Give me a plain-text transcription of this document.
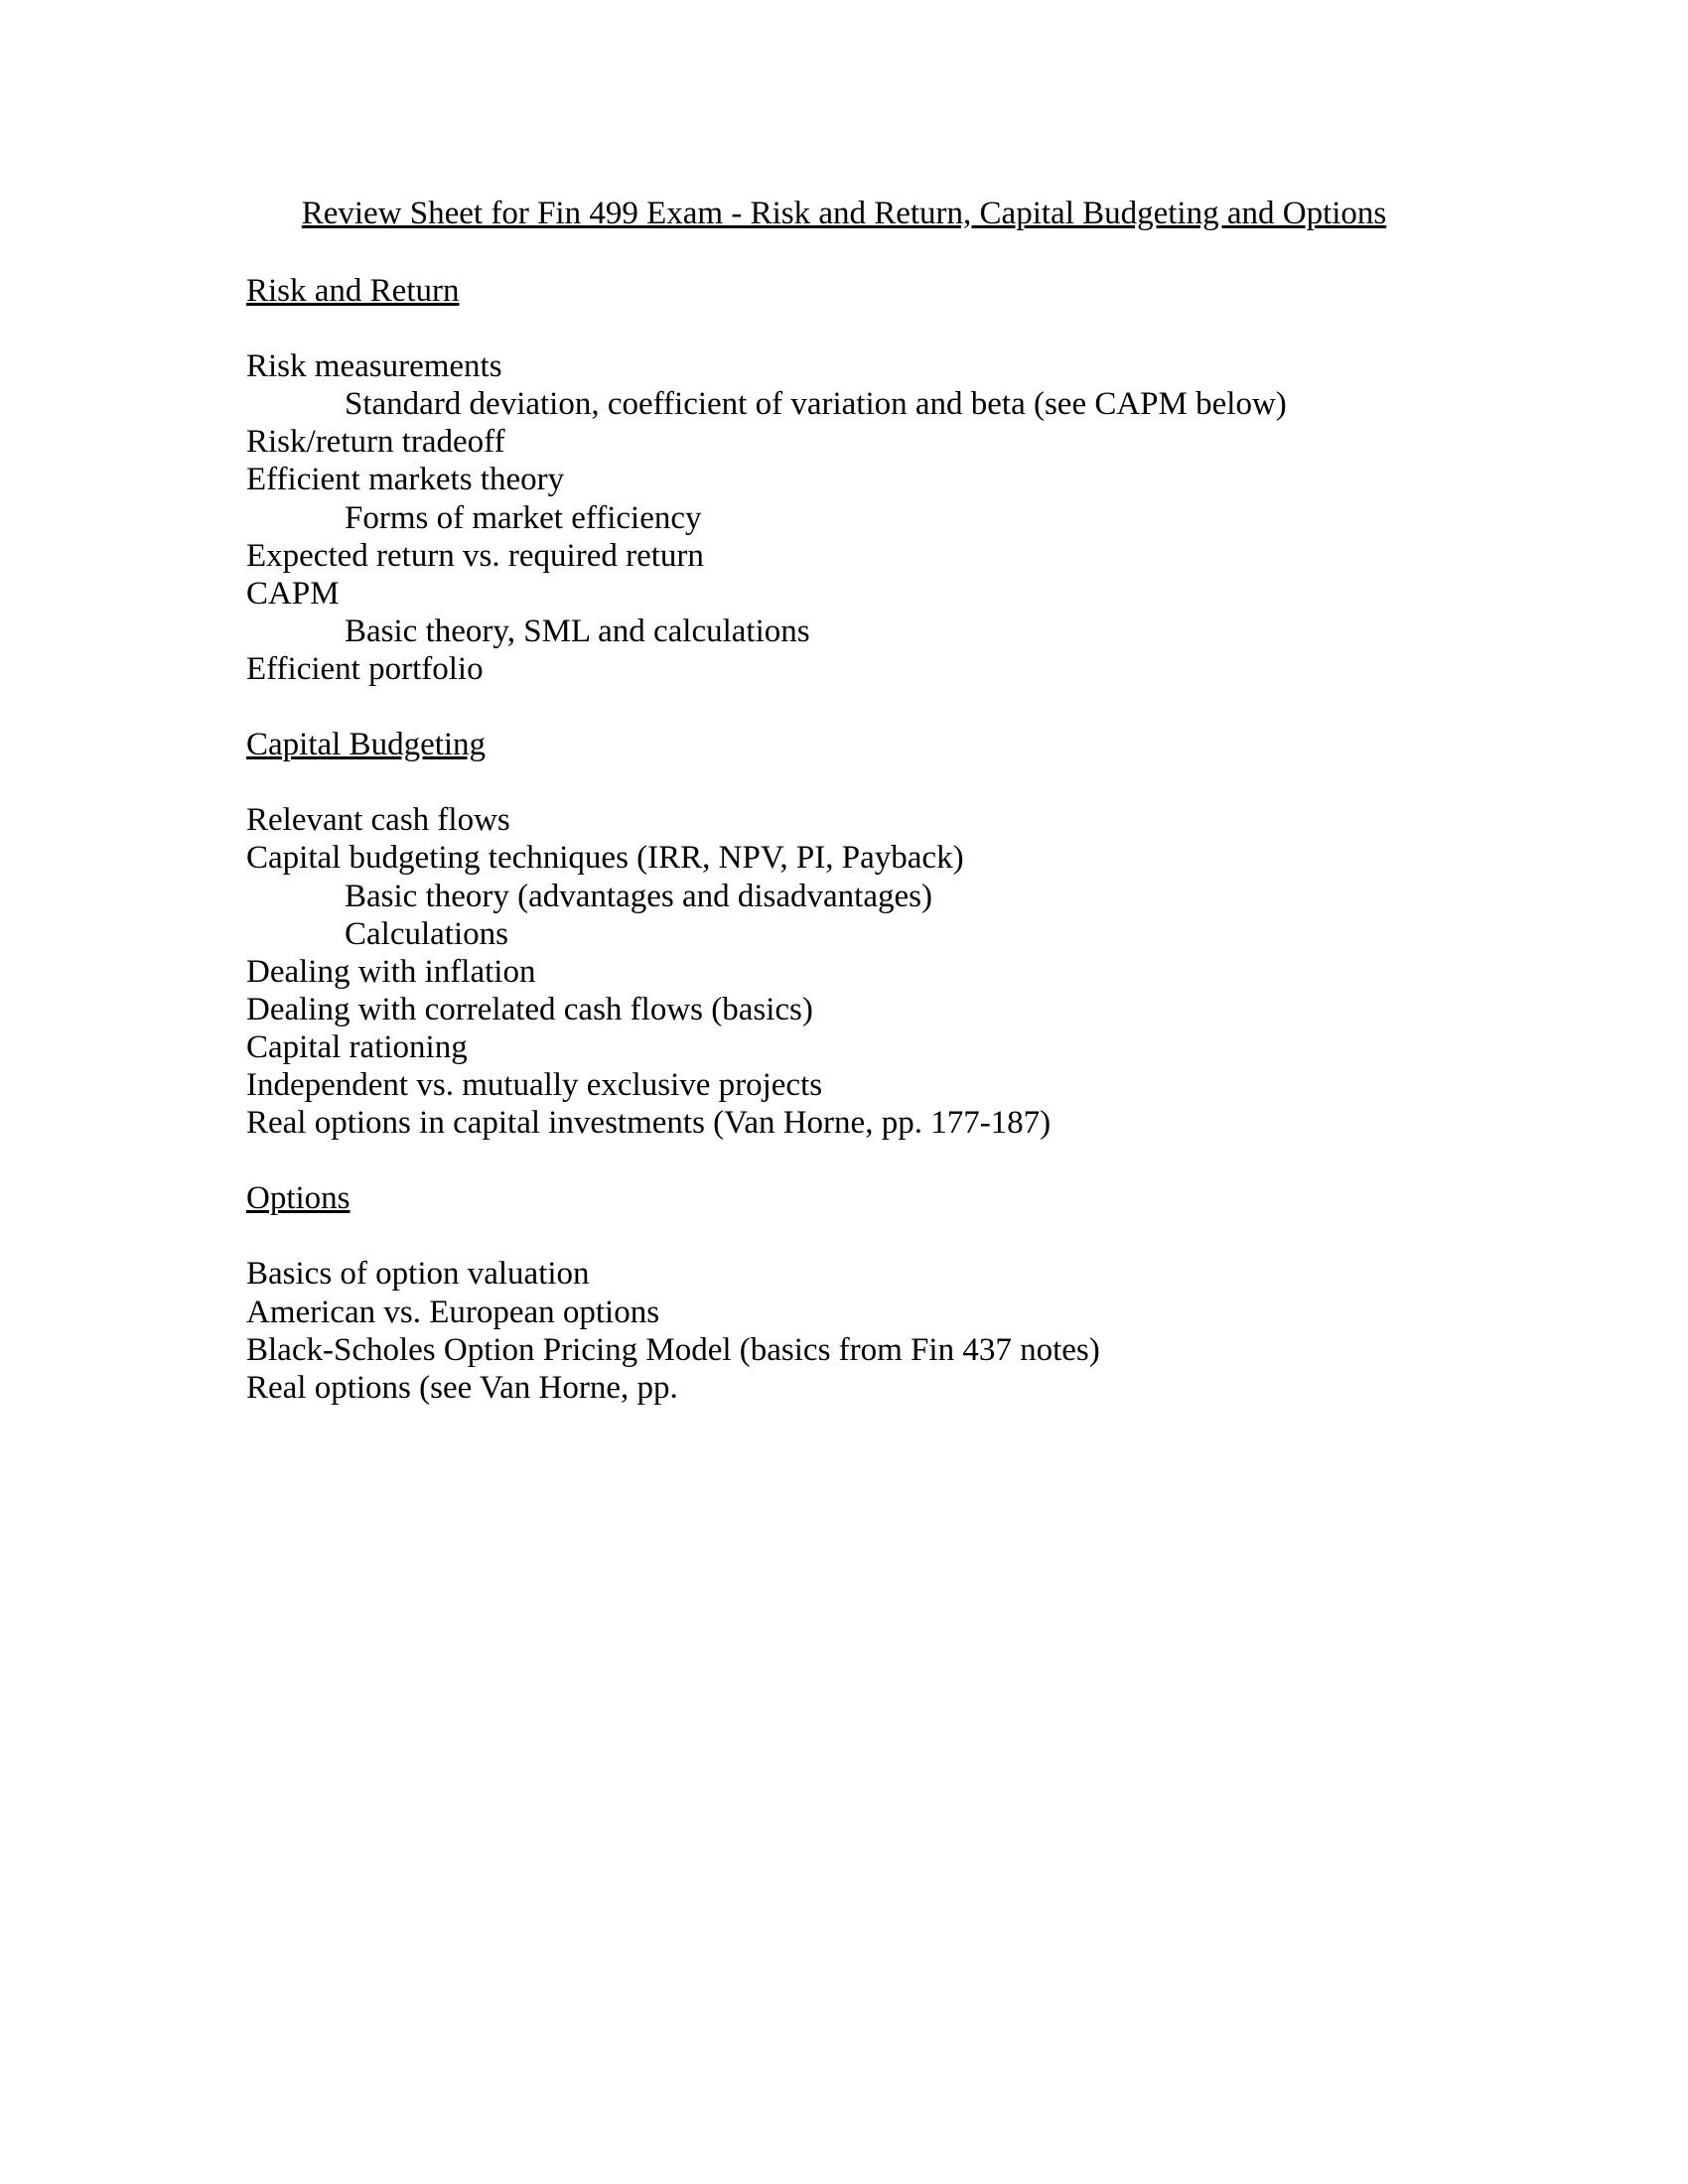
Review Sheet for Fin 499 Exam - Risk and Return, Capital Budgeting and Options
Risk and Return
Risk measurements
Standard deviation, coefficient of variation and beta (see CAPM below)
Risk/return tradeoff
Efficient markets theory
Forms of market efficiency
Expected return vs. required return
CAPM
Basic theory, SML and calculations
Efficient portfolio
Capital Budgeting
Relevant cash flows
Capital budgeting techniques (IRR, NPV, PI, Payback)
Basic theory (advantages and disadvantages)
Calculations
Dealing with inflation
Dealing with correlated cash flows (basics)
Capital rationing
Independent vs. mutually exclusive projects
Real options in capital investments (Van Horne, pp. 177-187)
Options
Basics of option valuation
American vs. European options
Black-Scholes Option Pricing Model (basics from Fin 437 notes)
Real options (see Van Horne, pp.
